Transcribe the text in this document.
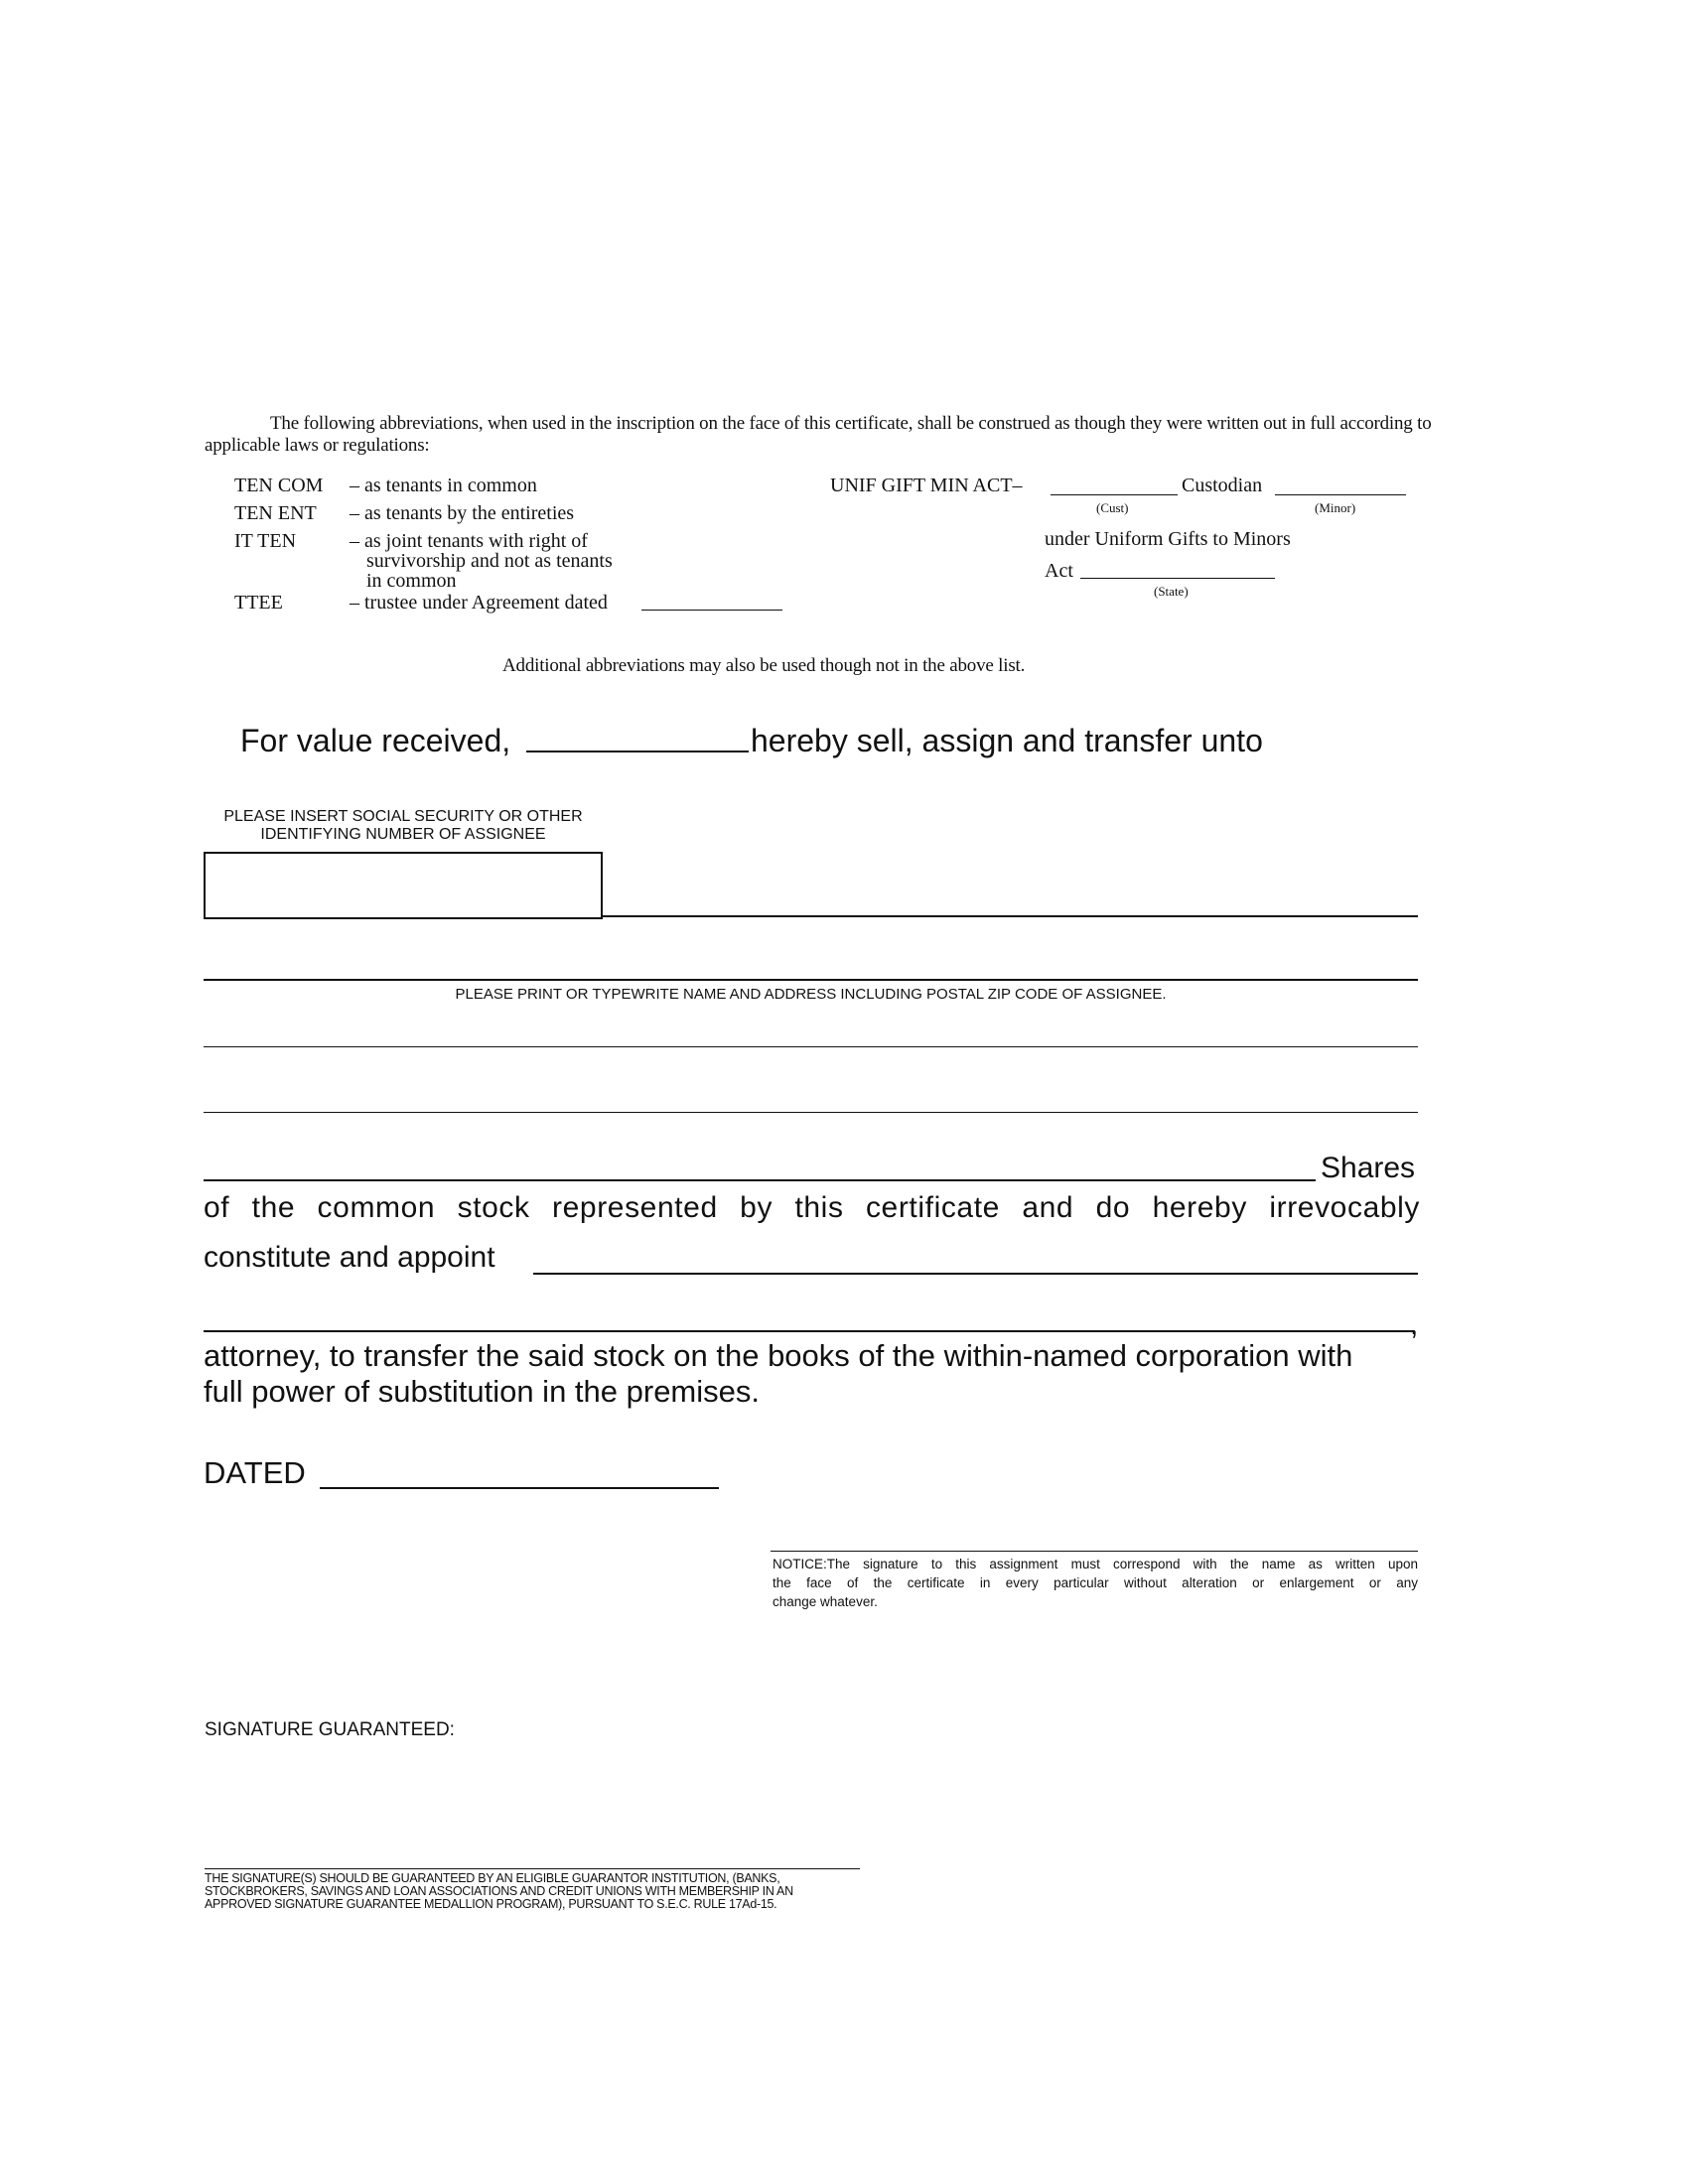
The following abbreviations, when used in the inscription on the face of this certificate, shall be construed as though they were written out in full according to applicable laws or regulations:
TEN COM – as tenants in common
TEN ENT – as tenants by the entireties
IT TEN	– as joint tenants with right of
survivorship and not as tenants
in common
TTEE	– trustee under Agreement dated
UNIF GIFT MIN ACT–	Custodian
(Cust)	(Minor)
under Uniform Gifts to Minors
Act
(State)
Additional abbreviations may also be used though not in the above list.
For value received,	hereby sell, assign and transfer unto
PLEASE INSERT SOCIAL SECURITY OR OTHER
IDENTIFYING NUMBER OF ASSIGNEE
PLEASE PRINT OR TYPEWRITE NAME AND ADDRESS INCLUDING POSTAL ZIP CODE OF ASSIGNEE.
Shares
of the common stock represented by this certificate and do hereby irrevocably
constitute and appoint
,
attorney, to transfer the said stock on the books of the within-named corporation with
full power of substitution in the premises.
DATED
NOTICE:The signature to this assignment must correspond with the name as written upon
the face of the certificate in every particular without alteration or enlargement or any
change whatever.
SIGNATURE GUARANTEED:
THE SIGNATURE(S) SHOULD BE GUARANTEED BY AN ELIGIBLE GUARANTOR INSTITUTION, (BANKS,
STOCKBROKERS, SAVINGS AND LOAN ASSOCIATIONS AND CREDIT UNIONS WITH MEMBERSHIP IN AN
APPROVED SIGNATURE GUARANTEE MEDALLION PROGRAM), PURSUANT TO S.E.C. RULE 17Ad-15.
